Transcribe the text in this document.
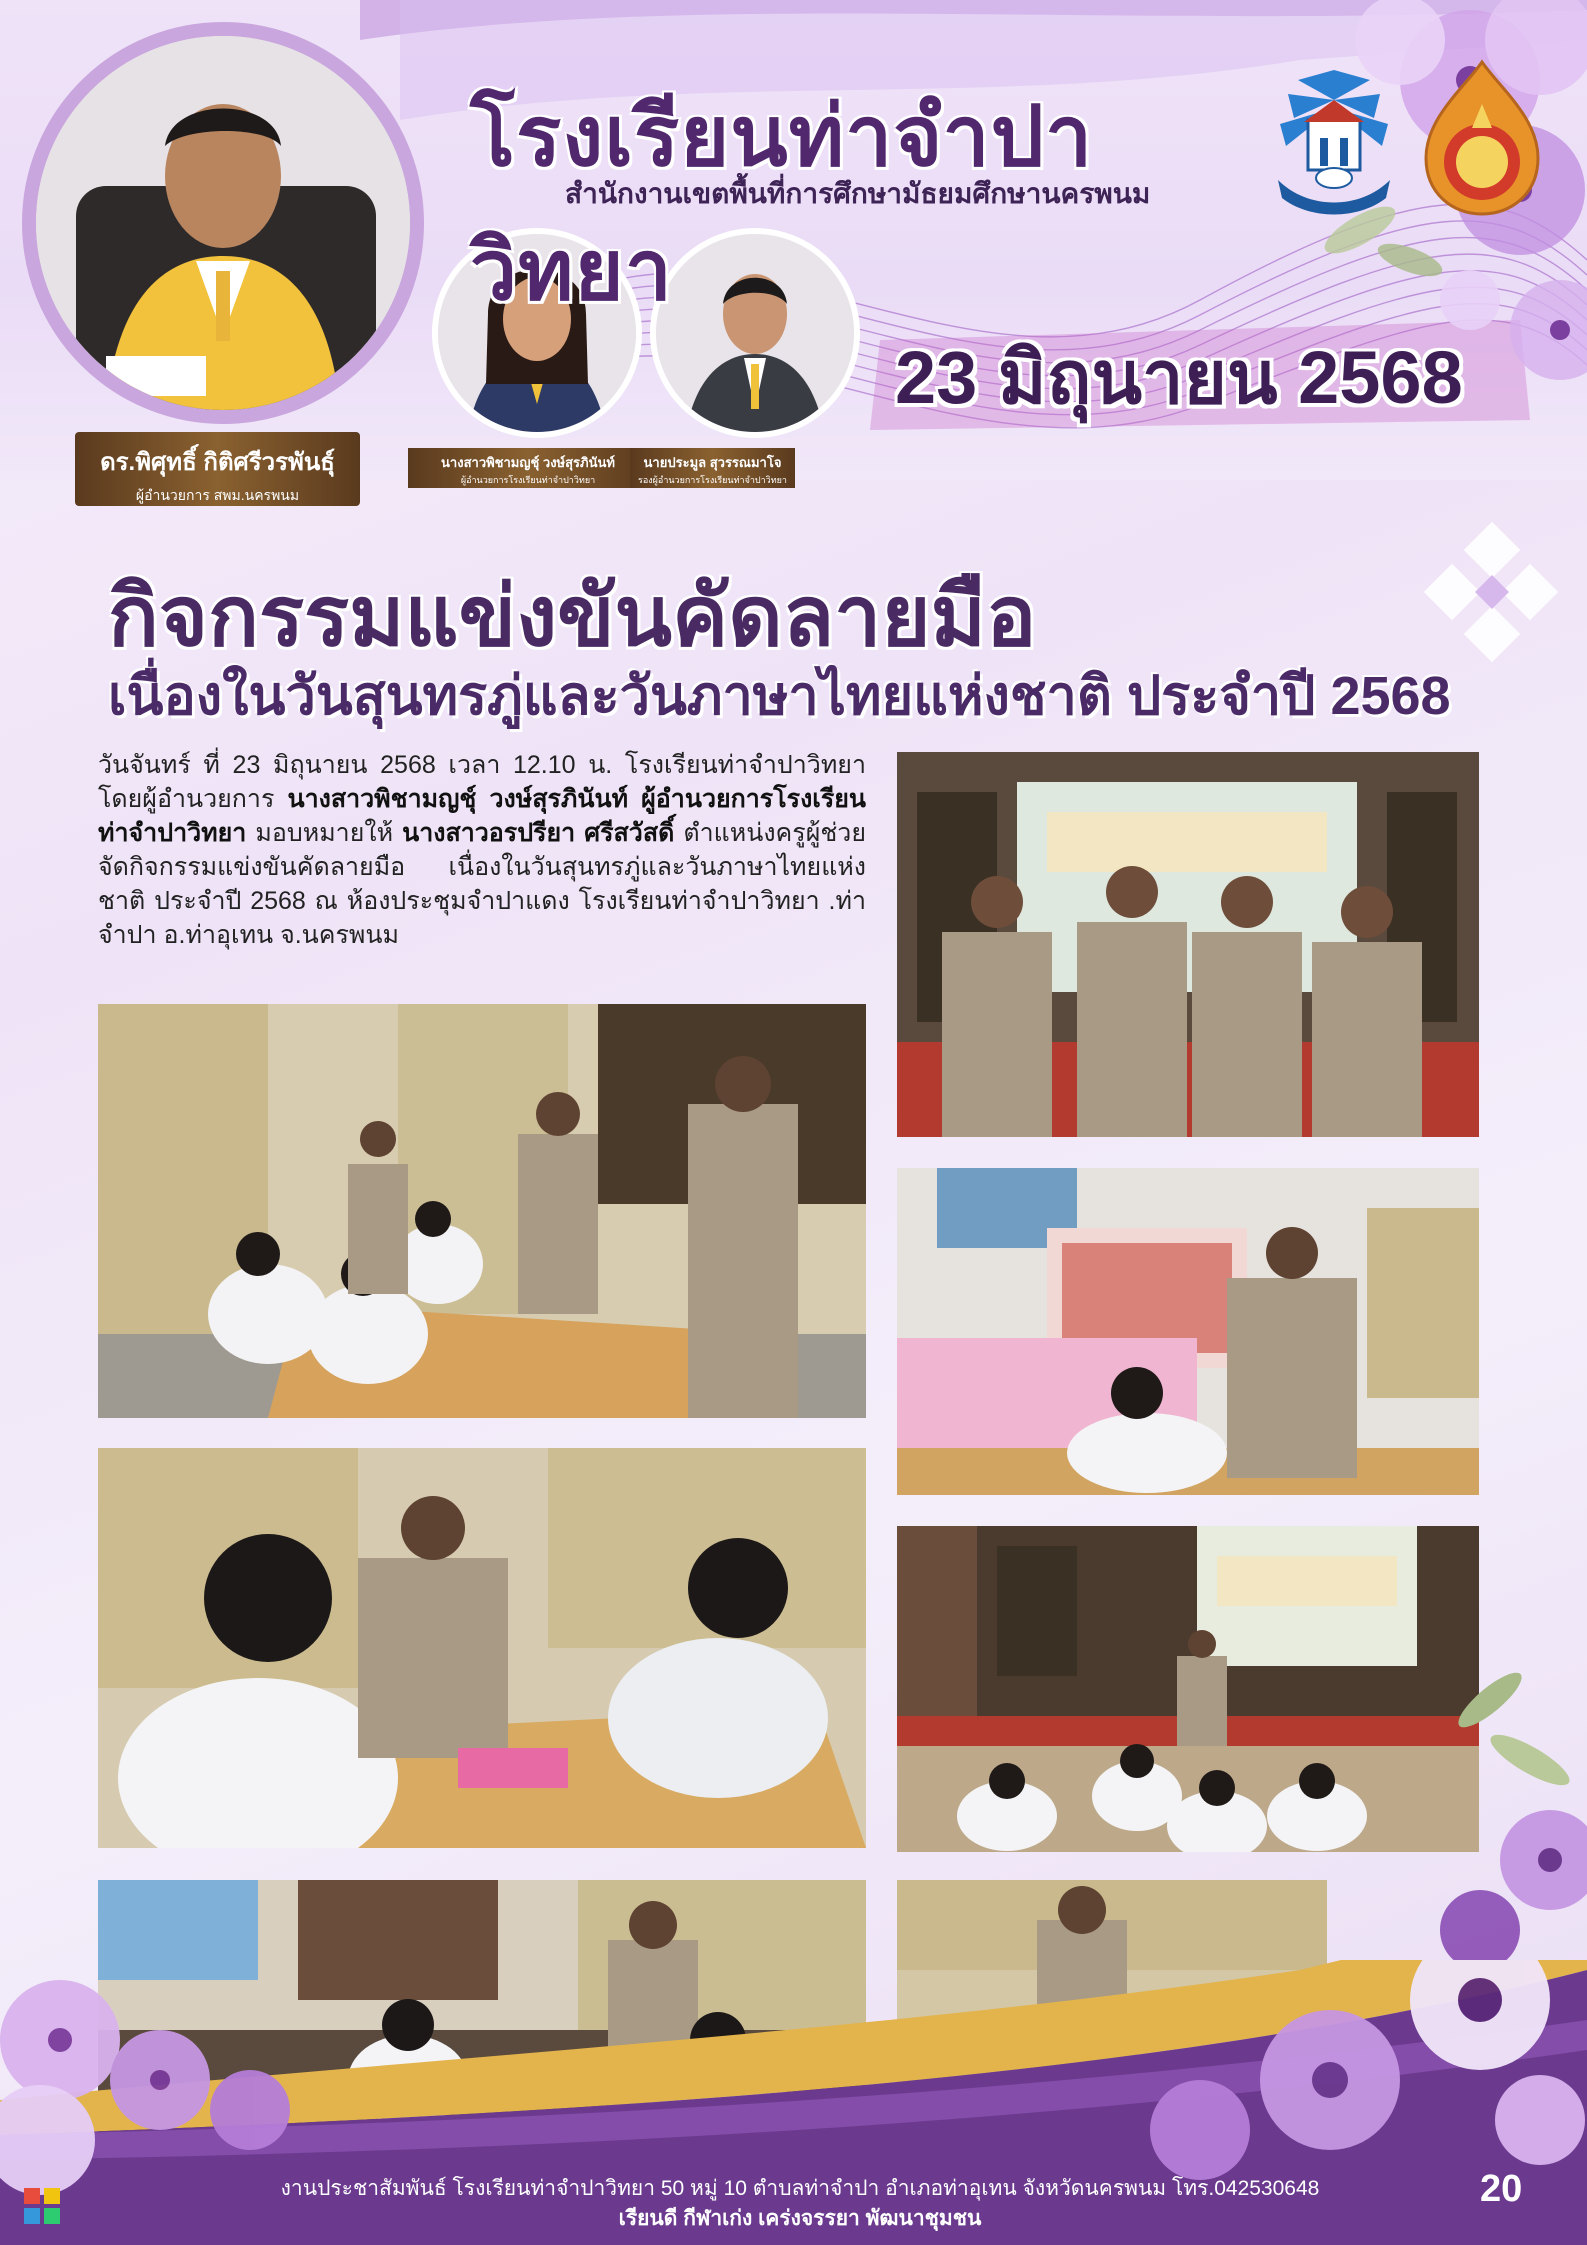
ดร.พิศุทธิ์ กิติศรีวรพันธุ์
ผู้อำนวยการ สพม.นครพนม
นางสาวพิชามญชุ์ วงษ์สุรภินันท์
ผู้อำนวยการโรงเรียนท่าจำปาวิทยา
นายประมูล สุวรรณมาโจ
รองผู้อำนวยการโรงเรียนท่าจำปาวิทยา
โรงเรียนท่าจำปาวิทยา
สำนักงานเขตพื้นที่การศึกษามัธยมศึกษานครพนม
23 มิถุนายน 2568
กิจกรรมแข่งขันคัดลายมือ
เนื่องในวันสุนทรภู่และวันภาษาไทยแห่งชาติ ประจำปี 2568
วันจันทร์ ที่ 23 มิถุนายน 2568 เวลา 12.10 น. โรงเรียนท่าจำปาวิทยา โดยผู้อำนวยการ นางสาวพิชามญชุ์ วงษ์สุรภินันท์ ผู้อำนวยการโรงเรียนท่าจำปาวิทยา มอบหมายให้ นางสาวอรปรียา ศรีสวัสดิ์ ตำแหน่งครูผู้ช่วย จัดกิจกรรมแข่งขันคัดลายมือ เนื่องในวันสุนทรภู่และวันภาษาไทยแห่งชาติ ประจำปี 2568 ณ ห้องประชุมจำปาแดง โรงเรียนท่าจำปาวิทยา .ท่าจำปา อ.ท่าอุเทน จ.นครพนม
งานประชาสัมพันธ์ โรงเรียนท่าจำปาวิทยา 50 หมู่ 10 ตำบลท่าจำปา อำเภอท่าอุเทน จังหวัดนครพนม โทร.042530648
เรียนดี กีฬาเก่ง เคร่งจรรยา พัฒนาชุมชน
20
